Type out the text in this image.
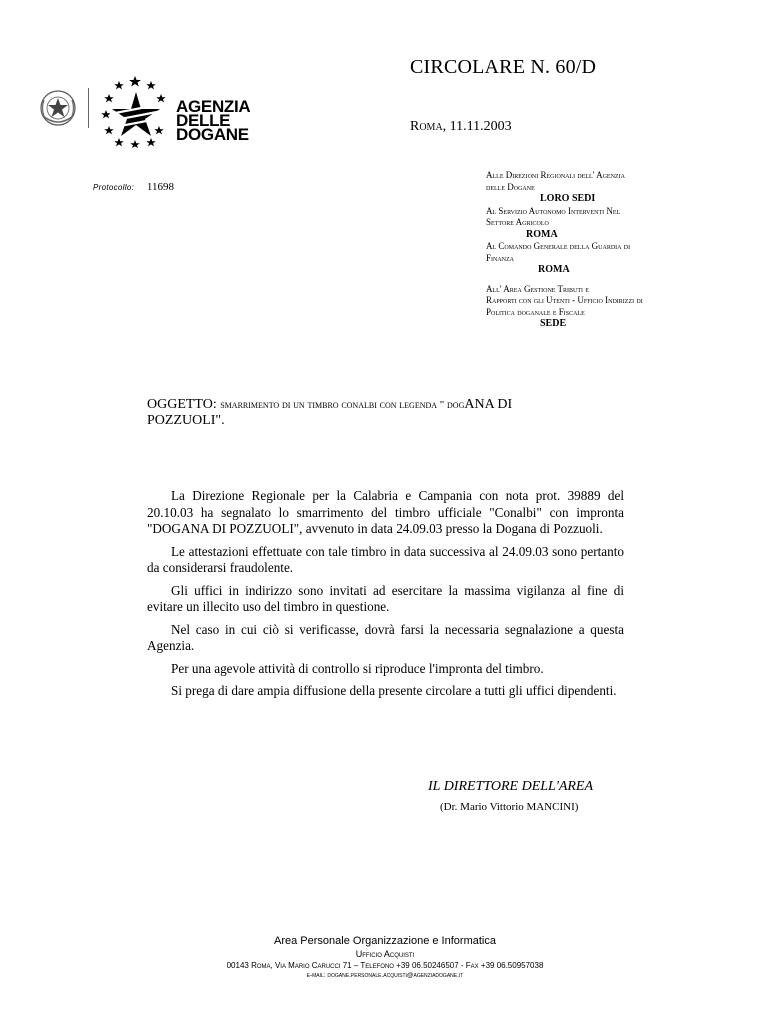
AGENZIA
DELLE
DOGANE
CIRCOLARE N. 60/D
Roma, 11.11.2003
Protocollo: 11698
Alle Direzioni Regionali dell' Agenzia
delle Dogane
LORO SEDI
Al Servizio Autonomo Interventi Nel
Settore Agricolo
ROMA
Al Comando Generale della Guardia di
Finanza
ROMA
All' Area Gestione Tributi e
Rapporti con gli Utenti - Ufficio Indirizzi di
Politica doganale e Fiscale
SEDE
OGGETTO: smarrimento di un timbro conalbi con legenda " dogANA DI
POZZUOLI".

La Direzione Regionale per la Calabria e Campania con nota prot. 39889 del 20.10.03 ha segnalato lo smarrimento del timbro ufficiale "Conalbi" con impronta "DOGANA DI POZZUOLI", avvenuto in data 24.09.03 presso la Dogana di Pozzuoli.

Le attestazioni effettuate con tale timbro in data successiva al 24.09.03 sono pertanto da considerarsi fraudolente.

Gli uffici in indirizzo sono invitati ad esercitare la massima vigilanza al fine di evitare un illecito uso del timbro in questione.

Nel caso in cui ciò si verificasse, dovrà farsi la necessaria segnalazione a questa Agenzia.

Per una agevole attività di controllo si riproduce l'impronta del timbro.

Si prega di dare ampia diffusione della presente circolare a tutti gli uffici dipendenti.

IL DIRETTORE DELL'AREA
(Dr. Mario Vittorio MANCINI)
Area Personale Organizzazione e Informatica
Ufficio Acquisti
00143 Roma, Via Mario Carucci 71 – Telefono +39 06.50246507 - Fax +39 06.50957038
e-mail: dogane.personale.acquisti@agenziadogane.it
